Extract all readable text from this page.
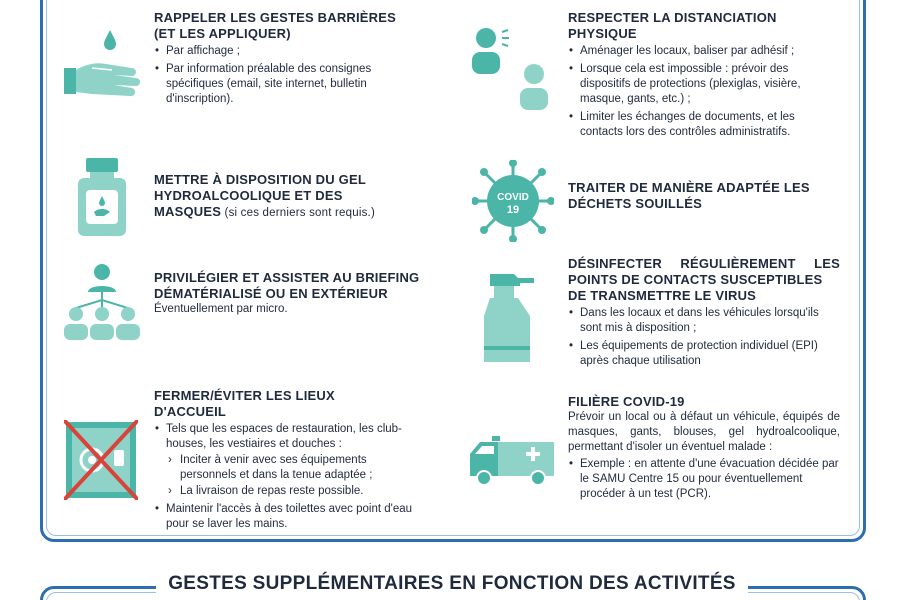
RAPPELER LES GESTES BARRIÈRES
(ET LES APPLIQUER)
• Par affichage ;
• Par information préalable des consignes spécifiques (email, site internet, bulletin d'inscription).
METTRE À DISPOSITION DU GEL
HYDROALCOOLIQUE ET DES
MASQUES (si ces derniers sont requis.)
PRIVILÉGIER ET ASSISTER AU BRIEFING
DÉMATÉRIALISÉ OU EN EXTÉRIEUR
Éventuellement par micro.
FERMER/ÉVITER LES LIEUX
D'ACCUEIL
• Tels que les espaces de restauration, les club-houses, les vestiaires et douches :
› Inciter à venir avec ses équipements personnels et dans la tenue adaptée ;
› La livraison de repas reste possible.
• Maintenir l'accès à des toilettes avec point d'eau pour se laver les mains.
RESPECTER LA DISTANCIATION
PHYSIQUE
• Aménager les locaux, baliser par adhésif ;
• Lorsque cela est impossible : prévoir des dispositifs de protections (plexiglas, visière, masque, gants, etc.) ;
• Limiter les échanges de documents, et les contacts lors des contrôles administratifs.
COVID
19
TRAITER DE MANIÈRE ADAPTÉE LES
DÉCHETS SOUILLÉS
DÉSINFECTER RÉGULIÈREMENT LES
POINTS DE CONTACTS SUSCEPTIBLES
DE TRANSMETTRE LE VIRUS
• Dans les locaux et dans les véhicules lorsqu'ils sont mis à disposition ;
• Les équipements de protection individuel (EPI) après chaque utilisation
FILIÈRE COVID-19
Prévoir un local ou à défaut un véhicule, équipés de masques, gants, blouses, gel hydroalcoolique, permettant d'isoler un éventuel malade :
• Exemple : en attente d'une évacuation décidée par le SAMU Centre 15 ou pour éventuellement procéder à un test (PCR).
GESTES SUPPLÉMENTAIRES EN FONCTION DES ACTIVITÉS
